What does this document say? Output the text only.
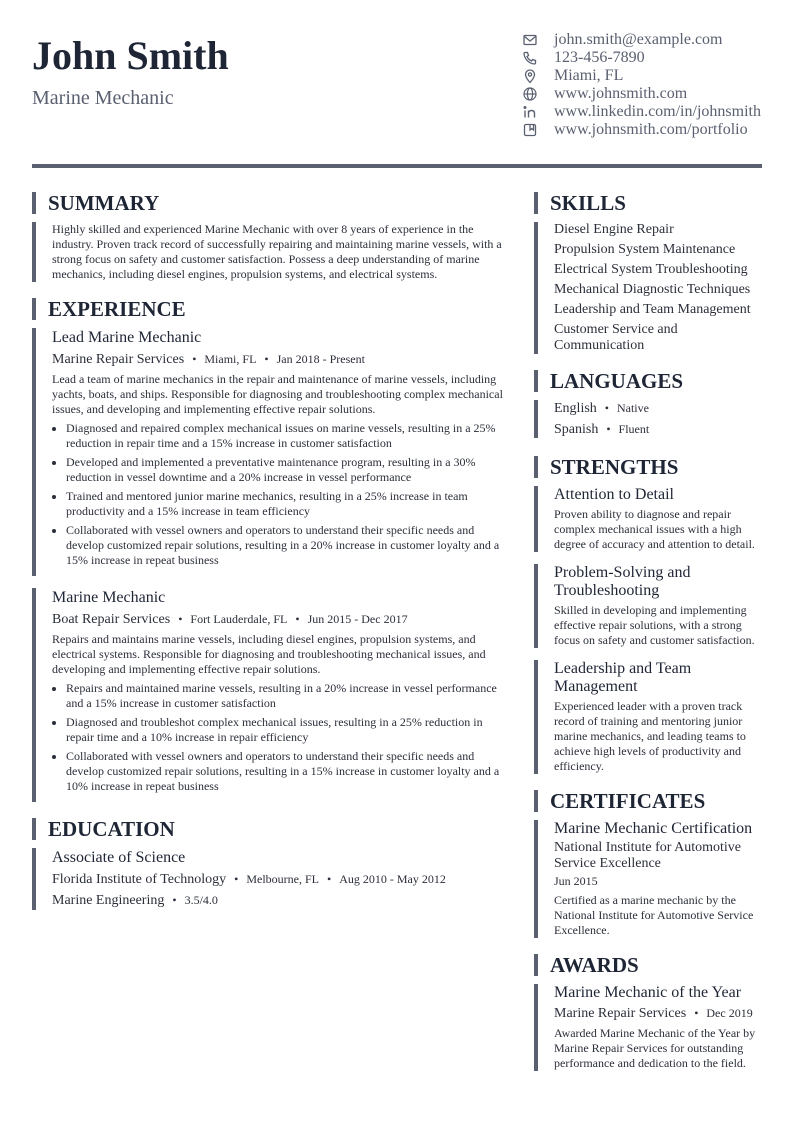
John Smith
Marine Mechanic
john.smith@example.com
123-456-7890
Miami, FL
www.johnsmith.com
www.linkedin.com/in/johnsmith
www.johnsmith.com/portfolio
SUMMARY
Highly skilled and experienced Marine Mechanic with over 8 years of experience in the industry. Proven track record of successfully repairing and maintaining marine vessels, with a strong focus on safety and customer satisfaction. Possess a deep understanding of marine mechanics, including diesel engines, propulsion systems, and electrical systems.
EXPERIENCE
Lead Marine Mechanic
Marine Repair Services • Miami, FL • Jan 2018 - Present
Lead a team of marine mechanics in the repair and maintenance of marine vessels, including yachts, boats, and ships. Responsible for diagnosing and troubleshooting complex mechanical issues, and developing and implementing effective repair solutions.
• Diagnosed and repaired complex mechanical issues on marine vessels, resulting in a 25% reduction in repair time and a 15% increase in customer satisfaction
• Developed and implemented a preventative maintenance program, resulting in a 30% reduction in vessel downtime and a 20% increase in vessel performance
• Trained and mentored junior marine mechanics, resulting in a 25% increase in team productivity and a 15% increase in team efficiency
• Collaborated with vessel owners and operators to understand their specific needs and develop customized repair solutions, resulting in a 20% increase in customer loyalty and a 15% increase in repeat business
Marine Mechanic
Boat Repair Services • Fort Lauderdale, FL • Jun 2015 - Dec 2017
Repairs and maintains marine vessels, including diesel engines, propulsion systems, and electrical systems. Responsible for diagnosing and troubleshooting mechanical issues, and developing and implementing effective repair solutions.
• Repairs and maintained marine vessels, resulting in a 20% increase in vessel performance and a 15% increase in customer satisfaction
• Diagnosed and troubleshot complex mechanical issues, resulting in a 25% reduction in repair time and a 10% increase in repair efficiency
• Collaborated with vessel owners and operators to understand their specific needs and develop customized repair solutions, resulting in a 15% increase in customer loyalty and a 10% increase in repeat business
EDUCATION
Associate of Science
Florida Institute of Technology • Melbourne, FL • Aug 2010 - May 2012
Marine Engineering • 3.5/4.0
SKILLS
Diesel Engine Repair
Propulsion System Maintenance
Electrical System Troubleshooting
Mechanical Diagnostic Techniques
Leadership and Team Management
Customer Service and Communication
LANGUAGES
English • Native
Spanish • Fluent
STRENGTHS
Attention to Detail
Proven ability to diagnose and repair complex mechanical issues with a high degree of accuracy and attention to detail.
Problem-Solving and Troubleshooting
Skilled in developing and implementing effective repair solutions, with a strong focus on safety and customer satisfaction.
Leadership and Team Management
Experienced leader with a proven track record of training and mentoring junior marine mechanics, and leading teams to achieve high levels of productivity and efficiency.
CERTIFICATES
Marine Mechanic Certification
National Institute for Automotive Service Excellence
Jun 2015
Certified as a marine mechanic by the National Institute for Automotive Service Excellence.
AWARDS
Marine Mechanic of the Year
Marine Repair Services • Dec 2019
Awarded Marine Mechanic of the Year by Marine Repair Services for outstanding performance and dedication to the field.
